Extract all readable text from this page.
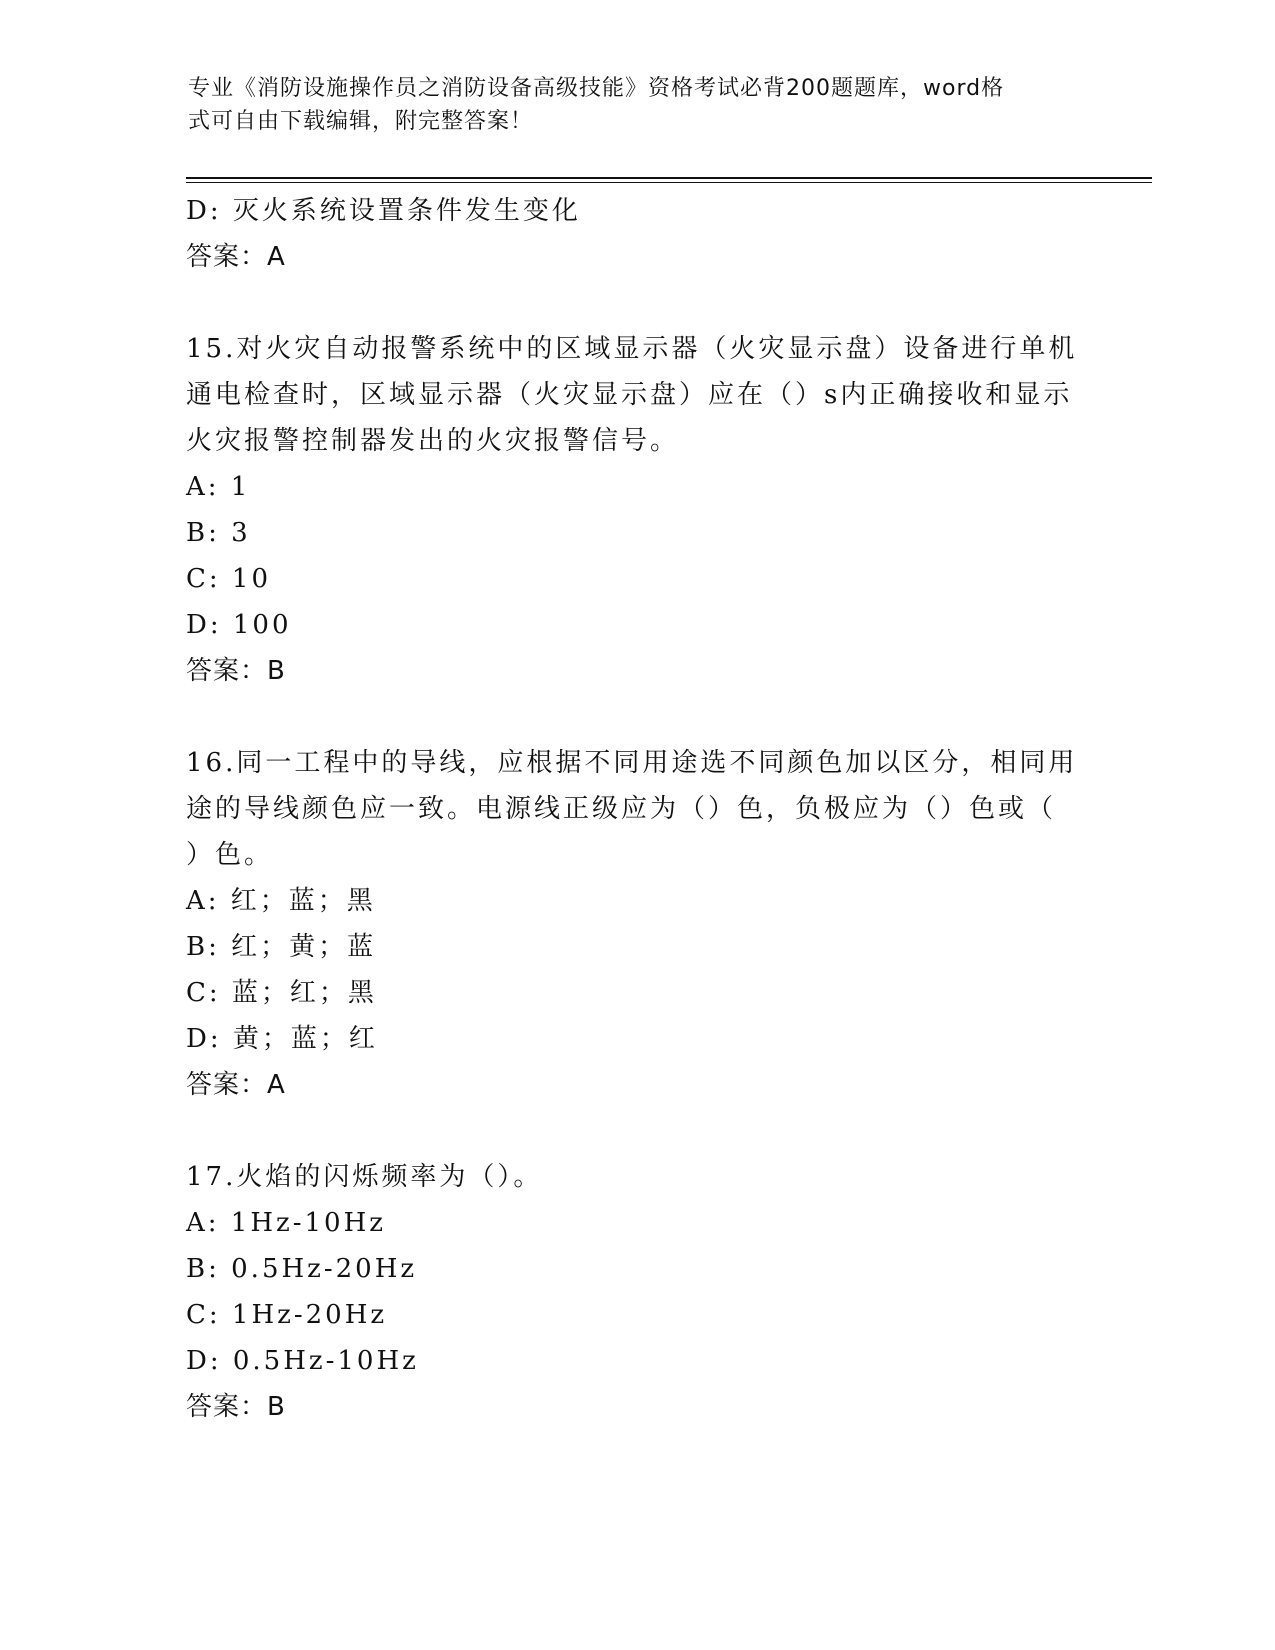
专业《消防设施操作员之消防设备高级技能》资格考试必背200题题库，word格
式可自由下载编辑，附完整答案！
D: 灭火系统设置条件发生变化
答案：A
15.对火灾自动报警系统中的区域显示器（火灾显示盘）设备进行单机
通电检查时，区域显示器（火灾显示盘）应在（）s内正确接收和显示
火灾报警控制器发出的火灾报警信号。
A: 1
B: 3
C: 10
D: 100
答案：B
16.同一工程中的导线，应根据不同用途选不同颜色加以区分，相同用
途的导线颜色应一致。电源线正级应为（）色，负极应为（）色或（
）色。
A: 红；蓝；黑
B: 红；黄；蓝
C: 蓝；红；黑
D: 黄；蓝；红
答案：A
17.火焰的闪烁频率为（）。
A: 1Hz-10Hz
B: 0.5Hz-20Hz
C: 1Hz-20Hz
D: 0.5Hz-10Hz
答案：B
